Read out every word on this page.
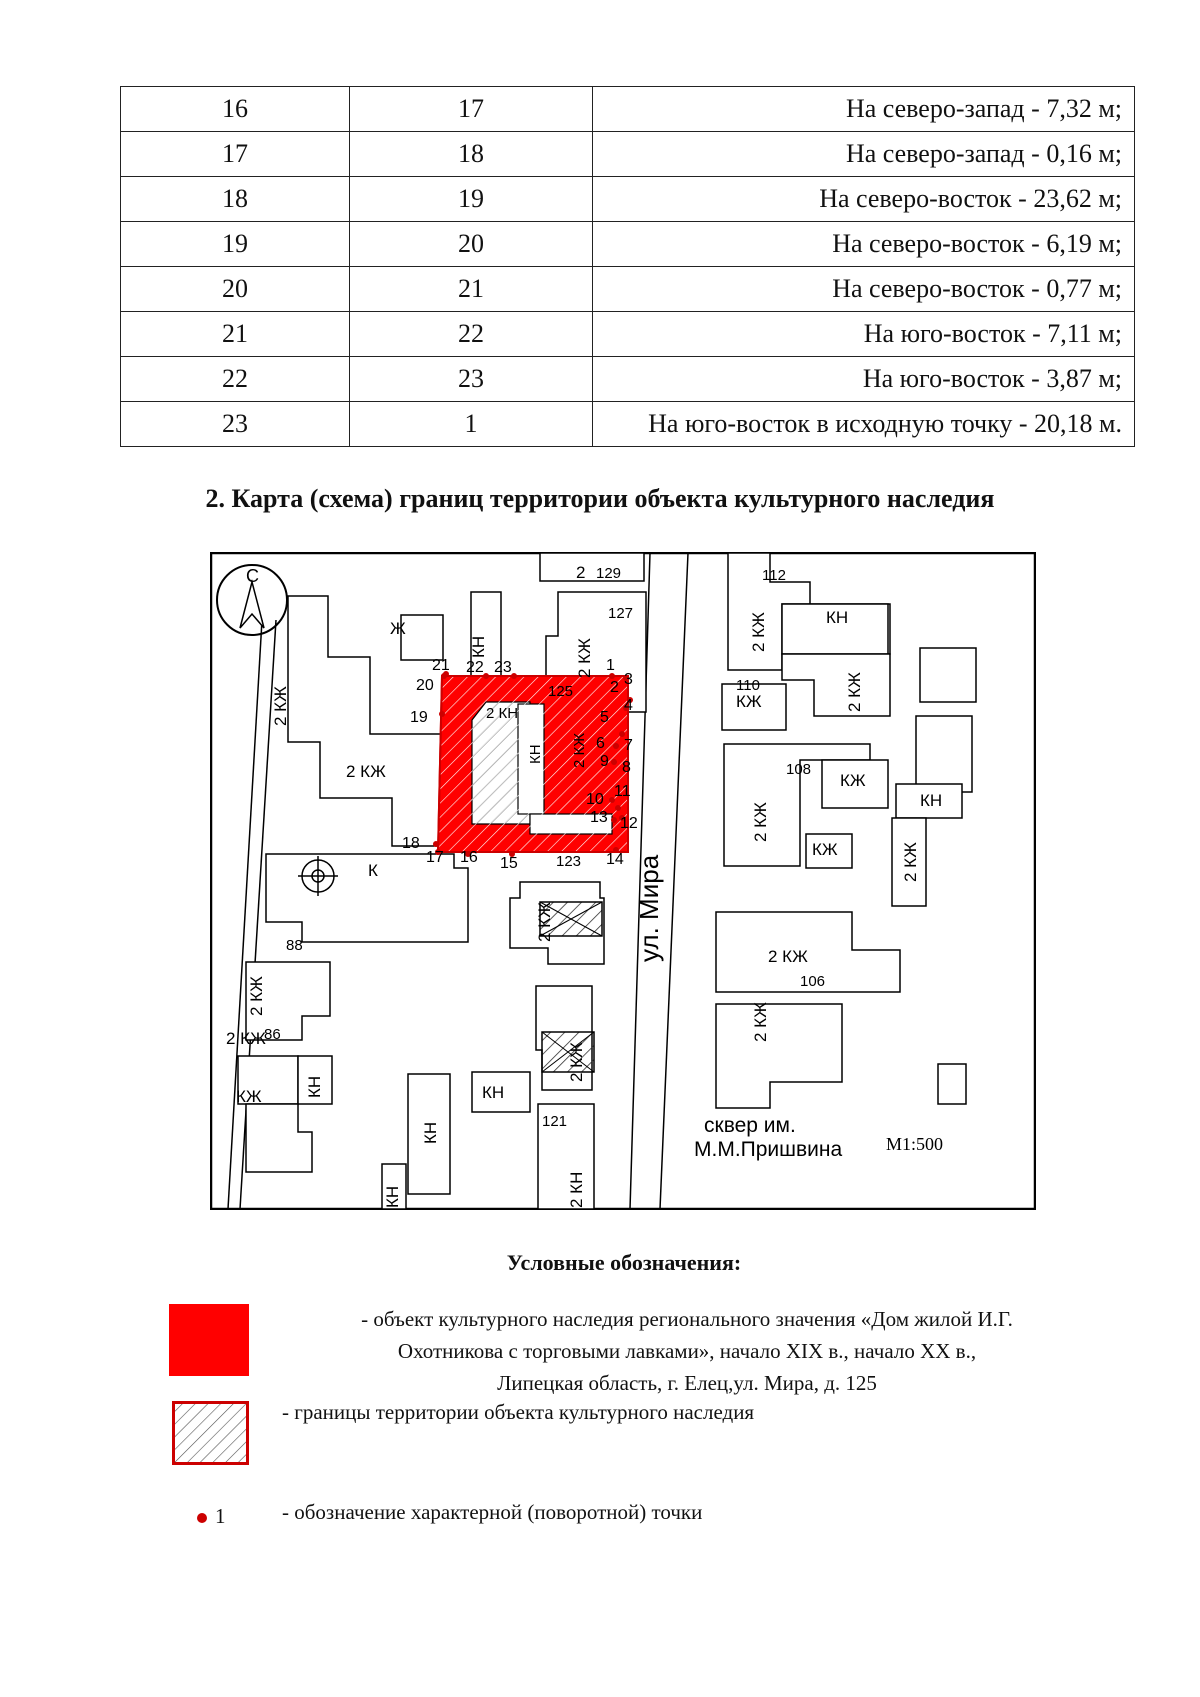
16	17	На северо-запад - 7,32 м;
17	18	На северо-запад - 0,16 м;
18	19	На северо-восток - 23,62 м;
19	20	На северо-восток - 6,19 м;
20	21	На северо-восток - 0,77 м;
21	22	На юго-восток - 7,11 м;
22	23	На юго-восток - 3,87 м;
23	1	На юго-восток в исходную точку - 20,18 м.
2. Карта (схема) границ территории объекта культурного наследия
С
Ж
К
2 КЖ
КН
КЖ
КЖ
КН
КЖ
2 КЖ
2 КЖ
КЖ	КН
2
КН
2 КЖ
2 КЖ
2 КЖ
2 КЖ
2 КЖ
2 КЖ
2 КЖ
2 КЖ
КН
КН
КН
2 КЖ
2 КЖ
2 КН
КН 2 КЖ
2 КН
129
127
125
123
121
112
110
108
106
88
86
1
2 3
4
5
6 7
8
9
10 11
12
13
14
15
16
17
18
19
20
21 22 23
ул. Мира
сквер им.
М.М.Пришвина М1:500
Условные обозначения:
- объект культурного наследия регионального значения «Дом жилой И.Г.
Охотникова с торговыми лавками», начало XIX в., начало XX в.,
Липецкая область, г. Елец,ул. Мира, д. 125
- границы территории объекта культурного наследия
1	- обозначение характерной (поворотной) точки
